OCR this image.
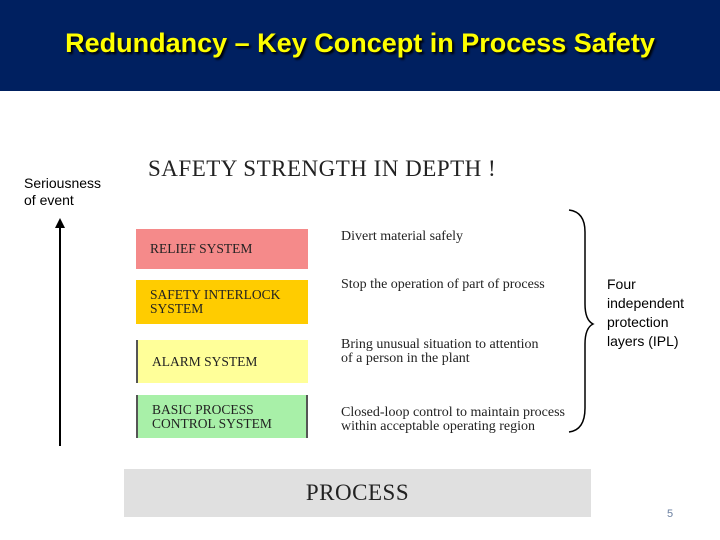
Redundancy – Key Concept in Process Safety
SAFETY STRENGTH IN DEPTH !
Seriousness
of event
RELIEF SYSTEM
SAFETY INTERLOCK
SYSTEM
ALARM SYSTEM
BASIC PROCESS
CONTROL SYSTEM
Divert material safely
Stop the operation of part of process
Bring unusual situation to attention
of a person in the plant
Closed-loop control to maintain process
within acceptable operating region
Four
independent
protection
layers (IPL)
PROCESS
5
